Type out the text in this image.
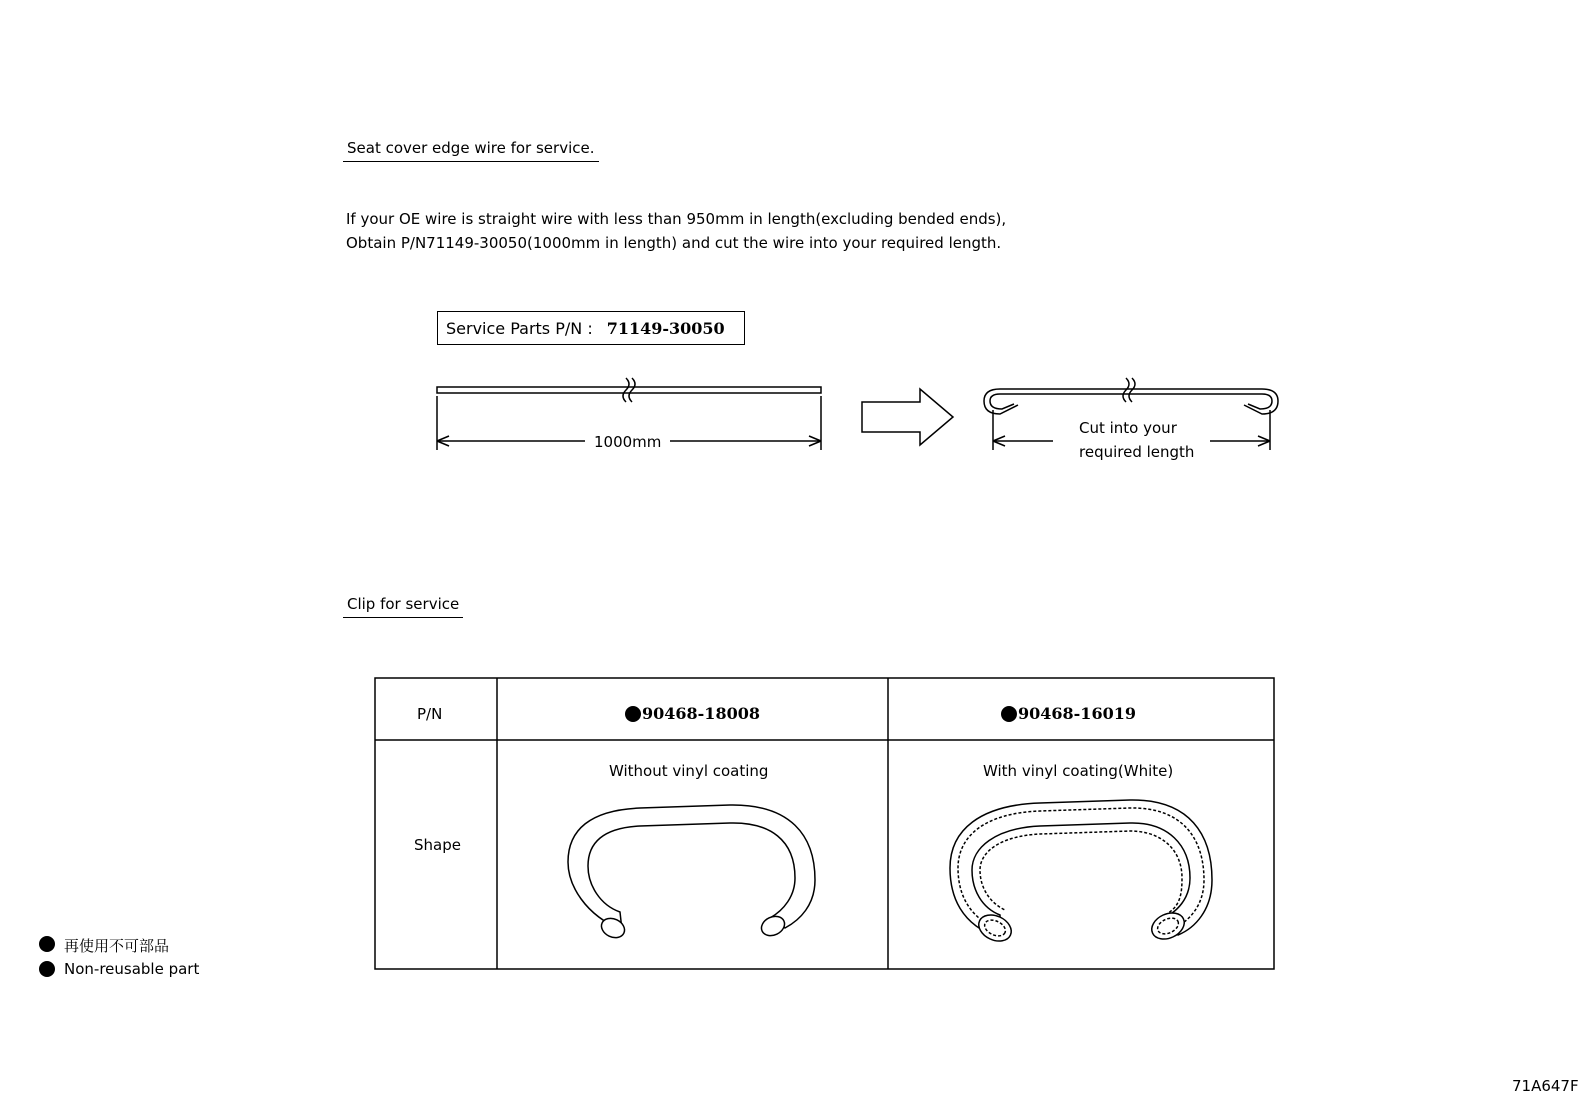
Seat cover edge wire for service.
If your OE wire is straight wire with less than 950mm in length(excluding bended ends),
Obtain P/N71149-30050(1000mm in length) and cut the wire into your required length.
Service Parts P/N : 71149-30050
1000mm
Cut into your
required length
Clip for service
P/N
Shape
90468-18008	90468-16019
Without vinyl coating	With vinyl coating(White)
再使用不可部品
Non-reusable part
71A647F
